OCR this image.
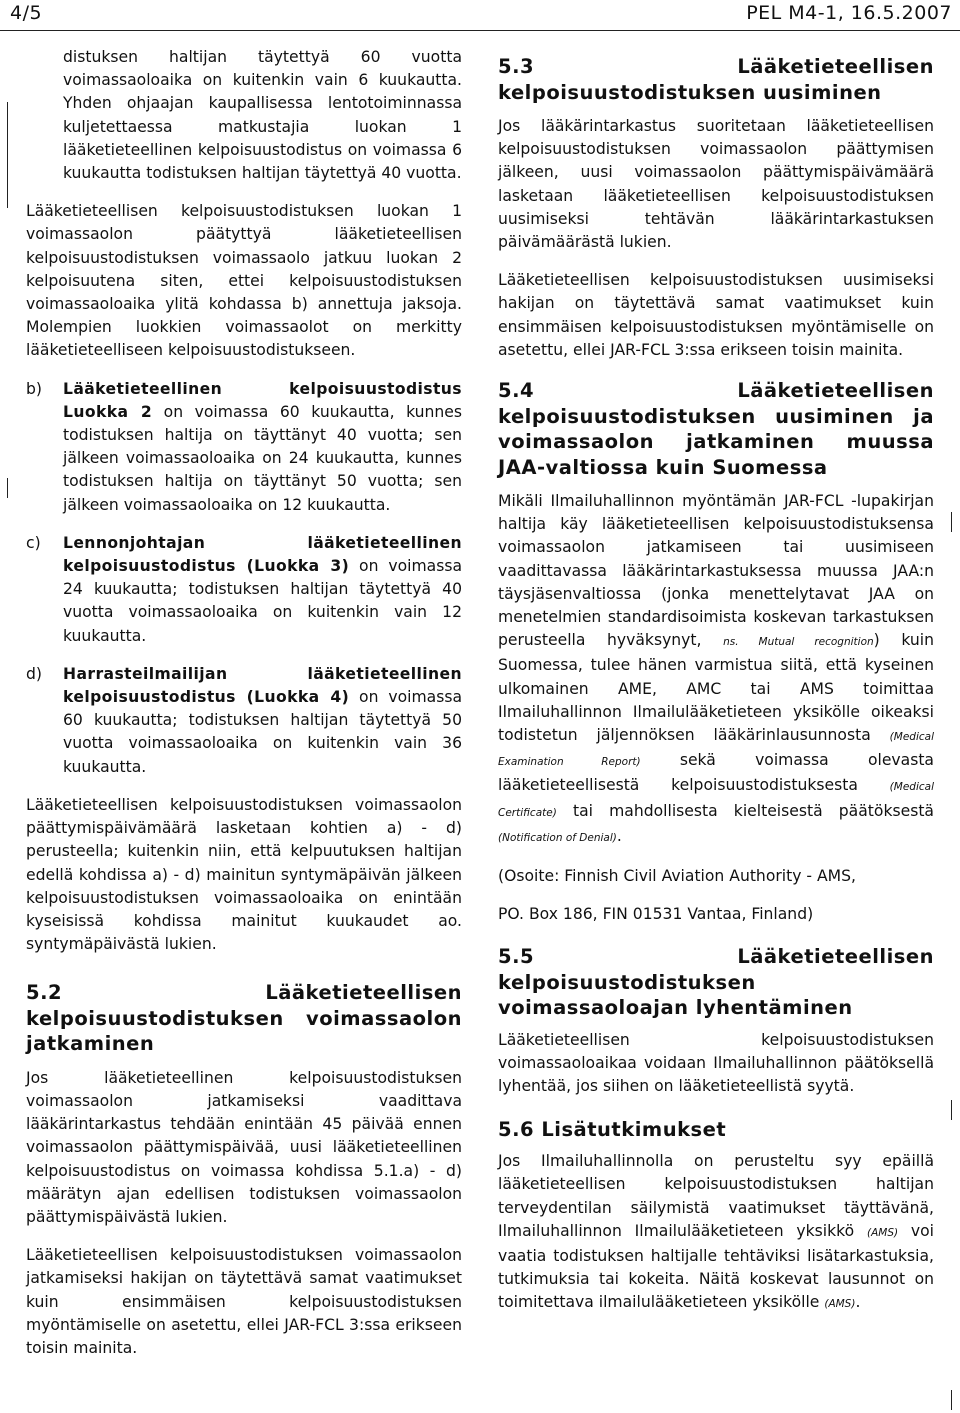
4/5	PEL M4-1, 16.5.2007

distuksen haltijan täytettyä 60 vuotta voimassaoloaika on kuitenkin vain 6 kuukautta. Yhden ohjaajan kaupallisessa lentotoiminnassa kuljetettaessa matkustajia luokan 1 lääketieteellinen kelpoisuustodistus on voimassa 6 kuukautta todistuksen haltijan täytettyä 40 vuotta.

Lääketieteellisen kelpoisuustodistuksen luokan 1 voimassaolon päätyttyä lääketieteellisen kelpoisuustodistuksen voimassaolo jatkuu luokan 2 kelpoisuutena siten, ettei kelpoisuustodistuksen voimassaoloaika ylitä kohdassa b) annettuja jaksoja. Molempien luokkien voimassaolot on merkitty lääketieteelliseen kelpoisuustodistukseen.

b) Lääketieteellinen kelpoisuustodistus Luokka 2 on voimassa 60 kuukautta, kunnes todistuksen haltija on täyttänyt 40 vuotta; sen jälkeen voimassaoloaika on 24 kuukautta, kunnes todistuksen haltija on täyttänyt 50 vuotta; sen jälkeen voimassaoloaika on 12 kuukautta.
c) Lennonjohtajan lääketieteellinen kelpoisuustodistus (Luokka 3) on voimassa 24 kuukautta; todistuksen haltijan täytettyä 40 vuotta voimassaoloaika on kuitenkin vain 12 kuukautta.
d) Harrasteilmailijan lääketieteellinen kelpoisuustodistus (Luokka 4) on voimassa 60 kuukautta; todistuksen haltijan täytettyä 50 vuotta voimassaoloaika on kuitenkin vain 36 kuukautta.

Lääketieteellisen kelpoisuustodistuksen voimassaolon päättymispäivämäärä lasketaan kohtien a) - d) perusteella; kuitenkin niin, että kelpuutuksen haltijan edellä kohdissa a) - d) mainitun syntymäpäivän jälkeen kelpoisuustodistuksen voimassaoloaika on enintään kyseisissä kohdissa mainitut kuukaudet ao. syntymäpäivästä lukien.

5.2 Lääketieteellisen kelpoisuustodistuksen voimassaolon jatkaminen

Jos lääketieteellinen kelpoisuustodistuksen voimassaolon jatkamiseksi vaadittava lääkärintarkastus tehdään enintään 45 päivää ennen voimassaolon päättymispäivää, uusi lääketieteellinen kelpoisuustodistus on voimassa kohdissa 5.1.a) - d) määrätyn ajan edellisen todistuksen voimassaolon päättymispäivästä lukien.

Lääketieteellisen kelpoisuustodistuksen voimassaolon jatkamiseksi hakijan on täytettävä samat vaatimukset kuin ensimmäisen kelpoisuustodistuksen myöntämiselle on asetettu, ellei JAR-FCL 3:ssa erikseen toisin mainita.

5.3 Lääketieteellisen kelpoisuustodistuksen uusiminen

Jos lääkärintarkastus suoritetaan lääketieteellisen kelpoisuustodistuksen voimassaolon päättymisen jälkeen, uusi voimassaolon päättymispäivämäärä lasketaan lääketieteellisen kelpoisuustodistuksen uusimiseksi tehtävän lääkärintarkastuksen päivämäärästä lukien.

Lääketieteellisen kelpoisuustodistuksen uusimiseksi hakijan on täytettävä samat vaatimukset kuin ensimmäisen kelpoisuustodistuksen myöntämiselle on asetettu, ellei JAR-FCL 3:ssa erikseen toisin mainita.

5.4 Lääketieteellisen kelpoisuustodistuksen uusiminen ja voimassaolon jatkaminen muussa JAA-valtiossa kuin Suomessa

Mikäli Ilmailuhallinnon myöntämän JAR-FCL -lupakirjan haltija käy lääketieteellisen kelpoisuustodistuksensa voimassaolon jatkamiseen tai uusimiseen vaadittavassa lääkärintarkastuksessa muussa JAA:n täysjäsenvaltiossa (jonka menettelytavat JAA on menetelmien standardisoimista koskevan tarkastuksen perusteella hyväksynyt, ns. Mutual recognition) kuin Suomessa, tulee hänen varmistua siitä, että kyseinen ulkomainen AME, AMC tai AMS toimittaa Ilmailuhallinnon Ilmailulääketieteen yksikölle oikeaksi todistetun jäljennöksen lääkärinlausunnosta (Medical Examination Report) sekä voimassa olevasta lääketieteellisestä kelpoisuustodistuksesta (Medical Certificate) tai mahdollisesta kielteisestä päätöksestä (Notification of Denial).

(Osoite: Finnish Civil Aviation Authority - AMS,

PO. Box 186, FIN 01531 Vantaa, Finland)

5.5 Lääketieteellisen kelpoisuustodistuksen voimassaoloajan lyhentäminen

Lääketieteellisen kelpoisuustodistuksen voimassaoloaikaa voidaan Ilmailuhallinnon päätöksellä lyhentää, jos siihen on lääketieteellistä syytä.

5.6 Lisätutkimukset

Jos Ilmailuhallinnolla on perusteltu syy epäillä lääketieteellisen kelpoisuustodistuksen haltijan terveydentilan säilymistä vaatimukset täyttävänä, Ilmailuhallinnon Ilmailulääketieteen yksikkö (AMS) voi vaatia todistuksen haltijalle tehtäviksi lisätarkastuksia, tutkimuksia tai kokeita. Näitä koskevat lausunnot on toimitettava ilmailulääketieteen yksikölle (AMS).
